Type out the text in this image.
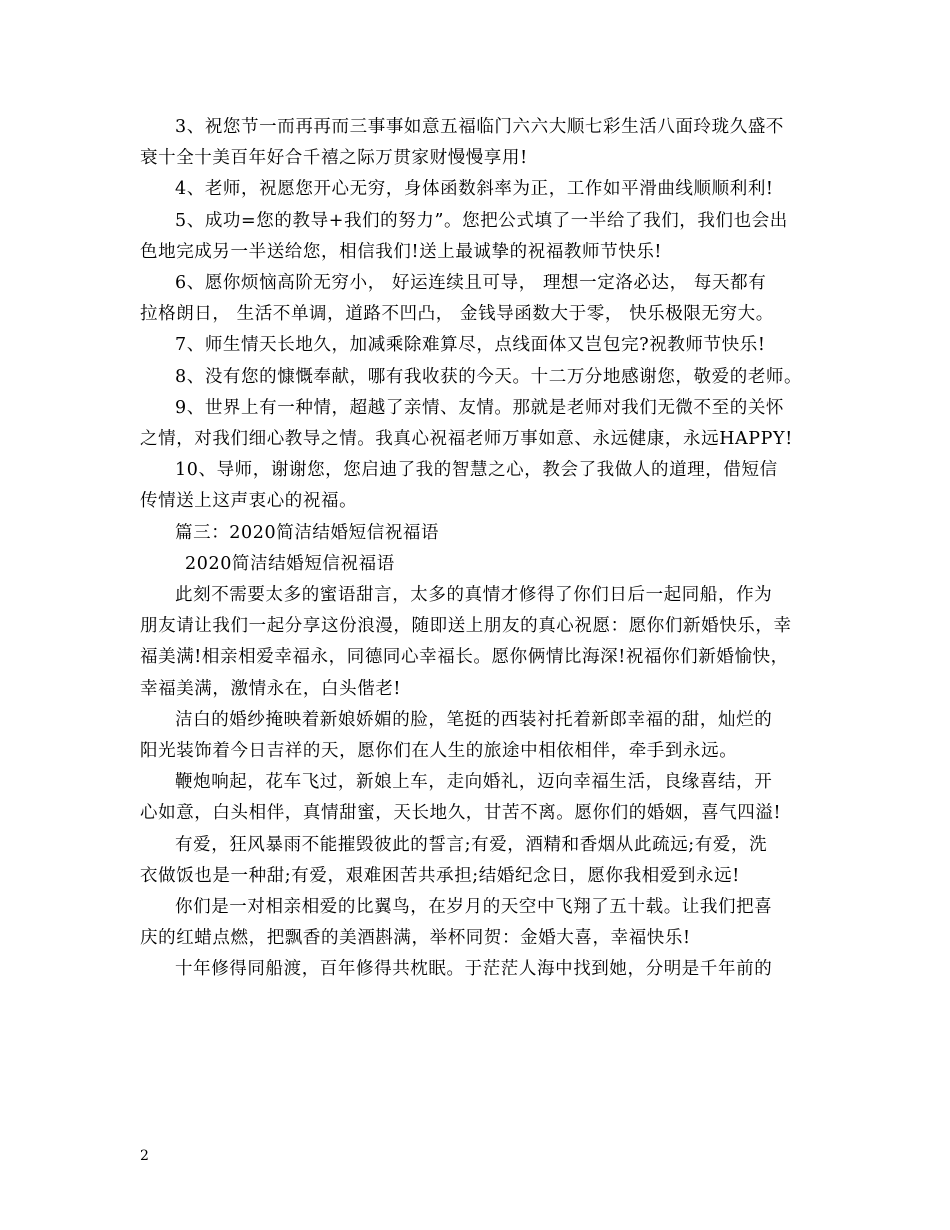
3、祝您节一而再再而三事事如意五福临门六六大顺七彩生活八面玲珑久盛不
衰十全十美百年好合千禧之际万贯家财慢慢享用!
4、老师，祝愿您开心无穷，身体函数斜率为正，工作如平滑曲线顺顺利利!
5、成功=您的教导+我们的努力”。您把公式填了一半给了我们，我们也会出
色地完成另一半送给您，相信我们!送上最诚挚的祝福教师节快乐!
6、愿你烦恼高阶无穷小， 好运连续且可导， 理想一定洛必达， 每天都有
拉格朗日， 生活不单调，道路不凹凸， 金钱导函数大于零， 快乐极限无穷大。
7、师生情天长地久，加减乘除难算尽，点线面体又岂包完?祝教师节快乐!
8、没有您的慷慨奉献，哪有我收获的今天。十二万分地感谢您，敬爱的老师。
9、世界上有一种情，超越了亲情、友情。那就是老师对我们无微不至的关怀
之情，对我们细心教导之情。我真心祝福老师万事如意、永远健康，永远HAPPY!
10、导师，谢谢您，您启迪了我的智慧之心，教会了我做人的道理，借短信
传情送上这声衷心的祝福。
篇三：2020简洁结婚短信祝福语
2020简洁结婚短信祝福语
此刻不需要太多的蜜语甜言，太多的真情才修得了你们日后一起同船，作为
朋友请让我们一起分享这份浪漫，随即送上朋友的真心祝愿：愿你们新婚快乐，幸
福美满!相亲相爱幸福永，同德同心幸福长。愿你俩情比海深!祝福你们新婚愉快，
幸福美满，激情永在，白头偕老!
洁白的婚纱掩映着新娘娇媚的脸，笔挺的西装衬托着新郎幸福的甜，灿烂的
阳光装饰着今日吉祥的天，愿你们在人生的旅途中相依相伴，牵手到永远。
鞭炮响起，花车飞过，新娘上车，走向婚礼，迈向幸福生活，良缘喜结，开
心如意，白头相伴，真情甜蜜，天长地久，甘苦不离。愿你们的婚姻，喜气四溢!
有爱，狂风暴雨不能摧毁彼此的誓言;有爱，酒精和香烟从此疏远;有爱，洗
衣做饭也是一种甜;有爱，艰难困苦共承担;结婚纪念日，愿你我相爱到永远!
你们是一对相亲相爱的比翼鸟，在岁月的天空中飞翔了五十载。让我们把喜
庆的红蜡点燃，把飘香的美酒斟满，举杯同贺：金婚大喜，幸福快乐!
十年修得同船渡，百年修得共枕眠。于茫茫人海中找到她，分明是千年前的
2
